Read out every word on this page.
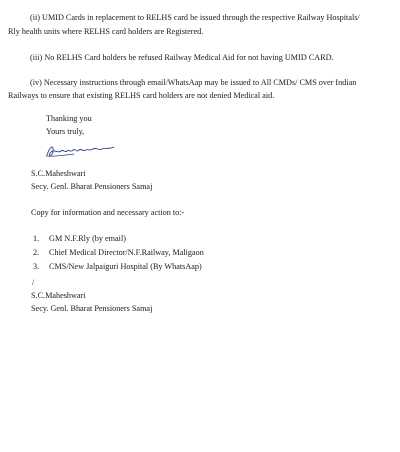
(ii) UMID Cards in replacement to RELHS card be issued through the respective Railway Hospitals/
Rly health units where RELHS card holders are Registered.
(iii) No RELHS Card holders be refused Railway Medical Aid for not having UMID CARD.
(iv) Necessary instructions through email/WhatsAap may be issued to All CMDs/ CMS over Indian
Railways to ensure that existing RELHS card holders are not denied Medical aid.
Thanking you
Yours truly,
S.C.Maheshwari
Secy. Genl. Bharat Pensioners Samaj
Copy for information and necessary action to:-
1. GM N.F.Rly (by email)
2. Chief Medical Director/N.F.Railway, Maligaon
3. CMS/New Jalpaiguri Hospital (By WhatsAap)
/
S.C.Maheshwari
Secy. Genl. Bharat Pensioners Samaj
